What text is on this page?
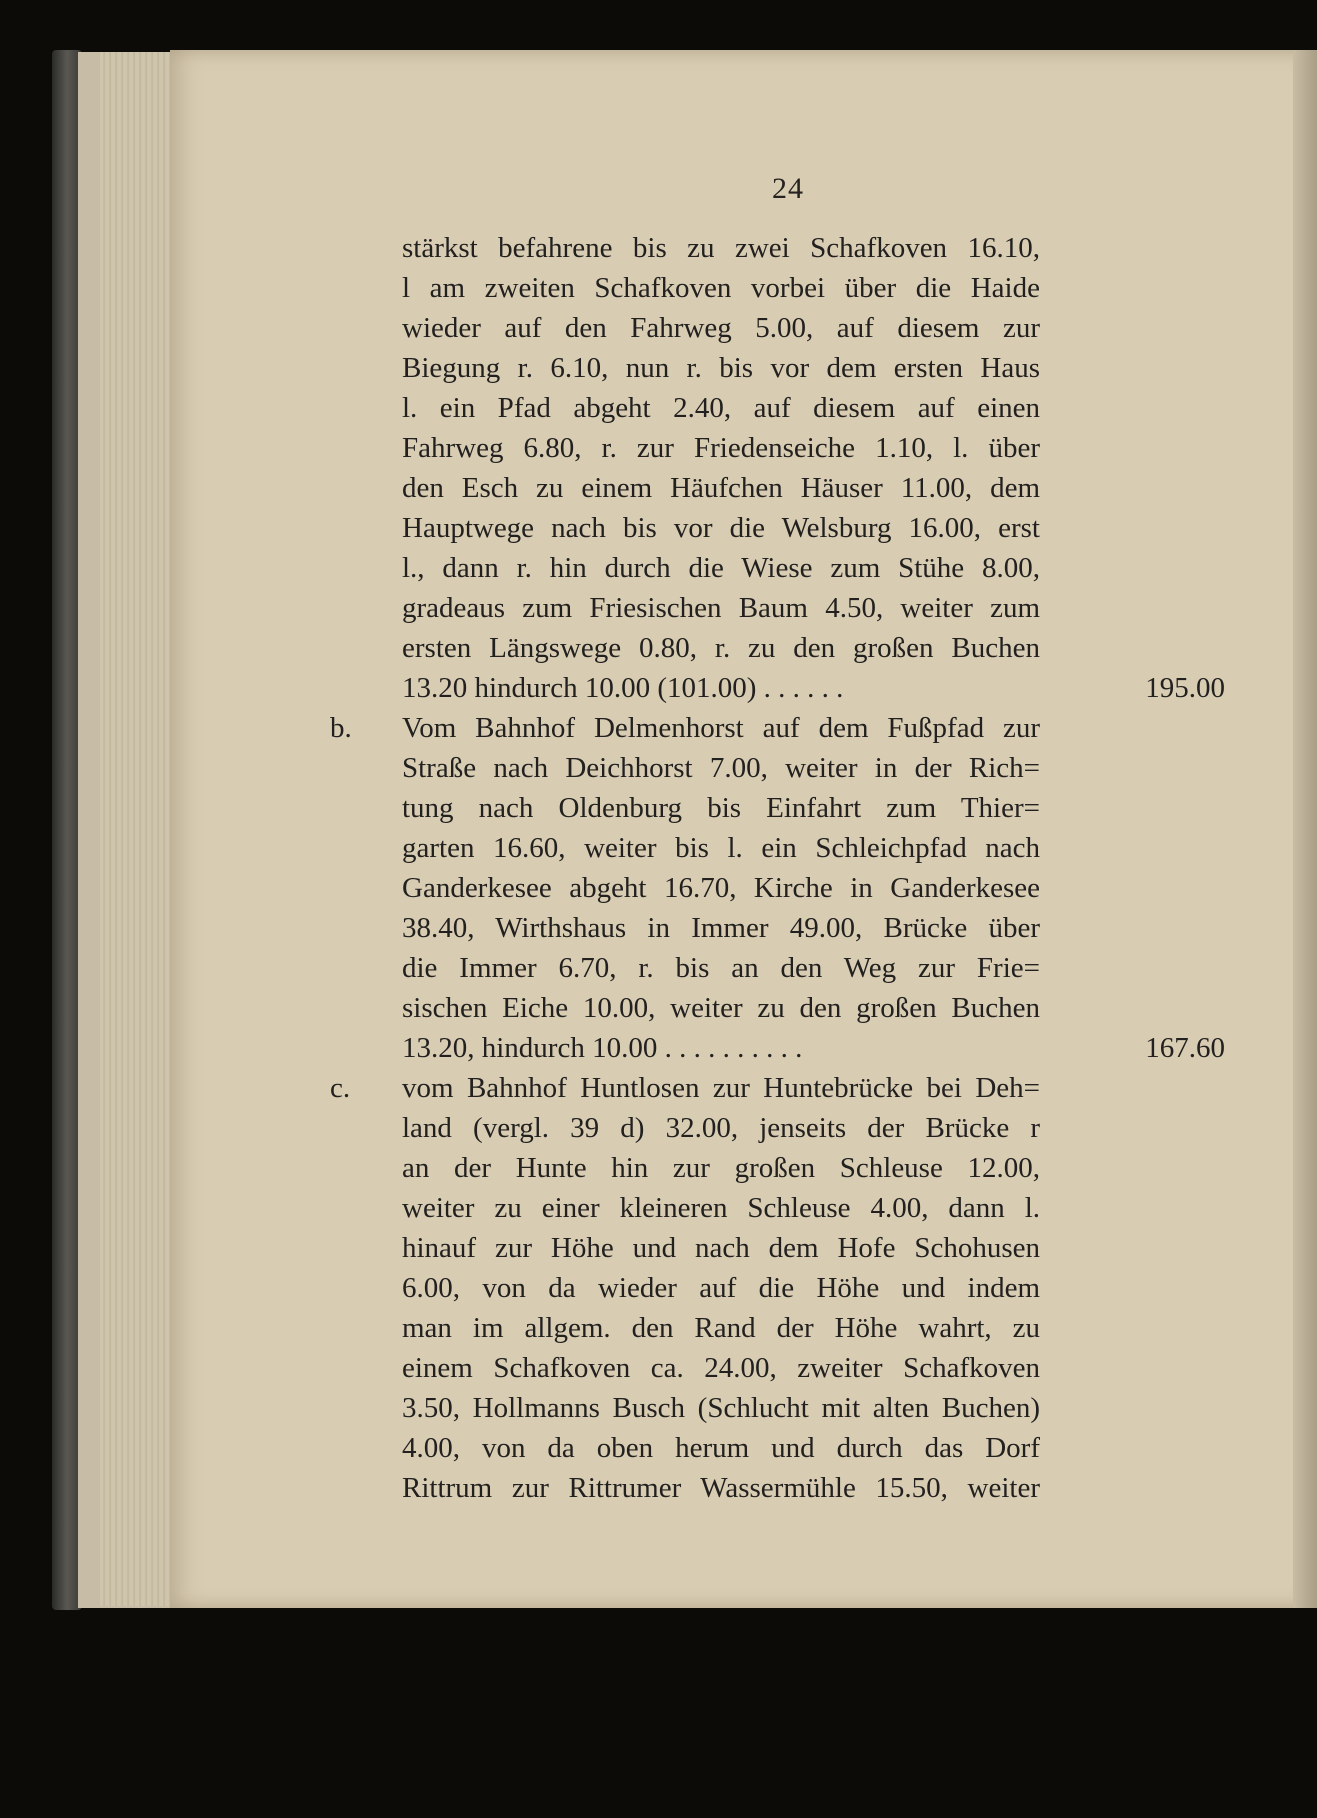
24
stärkst befahrene bis zu zwei Schafkoven 16.10,
l am zweiten Schafkoven vorbei über die Haide
wieder auf den Fahrweg 5.00, auf diesem zur
Biegung r. 6.10, nun r. bis vor dem ersten Haus
l. ein Pfad abgeht 2.40, auf diesem auf einen
Fahrweg 6.80, r. zur Friedenseiche 1.10, l. über
den Esch zu einem Häufchen Häuser 11.00, dem
Hauptwege nach bis vor die Welsburg 16.00, erst
l., dann r. hin durch die Wiese zum Stühe 8.00,
gradeaus zum Friesischen Baum 4.50, weiter zum
ersten Längswege 0.80, r. zu den großen Buchen
13.20 hindurch 10.00 (101.00) . . . . . .	195.00
b.	Vom Bahnhof Delmenhorst auf dem Fußpfad zur
Straße nach Deichhorst 7.00, weiter in der Rich=
tung nach Oldenburg bis Einfahrt zum Thier=
garten 16.60, weiter bis l. ein Schleichpfad nach
Ganderkesee abgeht 16.70, Kirche in Ganderkesee
38.40, Wirthshaus in Immer 49.00, Brücke über
die Immer 6.70, r. bis an den Weg zur Frie=
sischen Eiche 10.00, weiter zu den großen Buchen
13.20, hindurch 10.00 . . . . . . . . . .	167.60
c.	vom Bahnhof Huntlosen zur Huntebrücke bei Deh=
land (vergl. 39 d) 32.00, jenseits der Brücke r
an der Hunte hin zur großen Schleuse 12.00,
weiter zu einer kleineren Schleuse 4.00, dann l.
hinauf zur Höhe und nach dem Hofe Schohusen
6.00, von da wieder auf die Höhe und indem
man im allgem. den Rand der Höhe wahrt, zu
einem Schafkoven ca. 24.00, zweiter Schafkoven
3.50, Hollmanns Busch (Schlucht mit alten Buchen)
4.00, von da oben herum und durch das Dorf
Rittrum zur Rittrumer Wassermühle 15.50, weiter
